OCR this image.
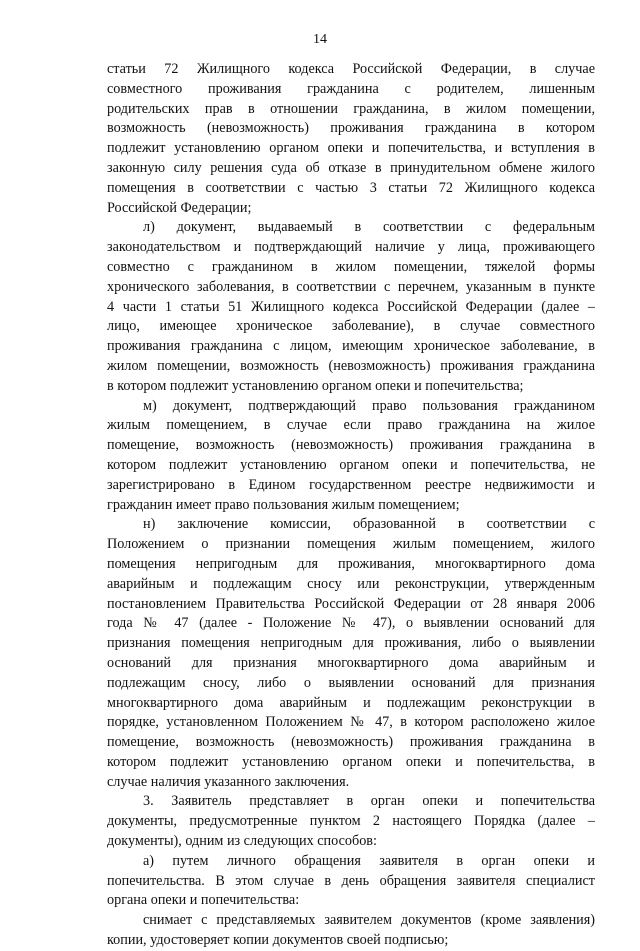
14
статьи 72 Жилищного кодекса Российской Федерации, в случае
совместного проживания гражданина с родителем, лишенным
родительских прав в отношении гражданина, в жилом помещении,
возможность (невозможность) проживания гражданина в котором
подлежит установлению органом опеки и попечительства, и вступления в
законную силу решения суда об отказе в принудительном обмене жилого
помещения в соответствии с частью 3 статьи 72 Жилищного кодекса
Российской Федерации;
л) документ, выдаваемый в соответствии с федеральным
законодательством и подтверждающий наличие у лица, проживающего
совместно с гражданином в жилом помещении, тяжелой формы
хронического заболевания, в соответствии с перечнем, указанным в пункте
4 части 1 статьи 51 Жилищного кодекса Российской Федерации (далее –
лицо, имеющее хроническое заболевание), в случае совместного
проживания гражданина с лицом, имеющим хроническое заболевание, в
жилом помещении, возможность (невозможность) проживания гражданина
в котором подлежит установлению органом опеки и попечительства;
м) документ, подтверждающий право пользования гражданином
жилым помещением, в случае если право гражданина на жилое
помещение, возможность (невозможность) проживания гражданина в
котором подлежит установлению органом опеки и попечительства, не
зарегистрировано в Едином государственном реестре недвижимости и
гражданин имеет право пользования жилым помещением;
н) заключение комиссии, образованной в соответствии с
Положением о признании помещения жилым помещением, жилого
помещения непригодным для проживания, многоквартирного дома
аварийным и подлежащим сносу или реконструкции, утвержденным
постановлением Правительства Российской Федерации от 28 января 2006
года № 47 (далее - Положение № 47), о выявлении оснований для
признания помещения непригодным для проживания, либо о выявлении
оснований для признания многоквартирного дома аварийным и
подлежащим сносу, либо о выявлении оснований для признания
многоквартирного дома аварийным и подлежащим реконструкции в
порядке, установленном Положением № 47, в котором расположено жилое
помещение, возможность (невозможность) проживания гражданина в
котором подлежит установлению органом опеки и попечительства, в
случае наличия указанного заключения.
3. Заявитель представляет в орган опеки и попечительства
документы, предусмотренные пунктом 2 настоящего Порядка (далее –
документы), одним из следующих способов:
а) путем личного обращения заявителя в орган опеки и
попечительства. В этом случае в день обращения заявителя специалист
органа опеки и попечительства:
снимает с представляемых заявителем документов (кроме заявления)
копии, удостоверяет копии документов своей подписью;
